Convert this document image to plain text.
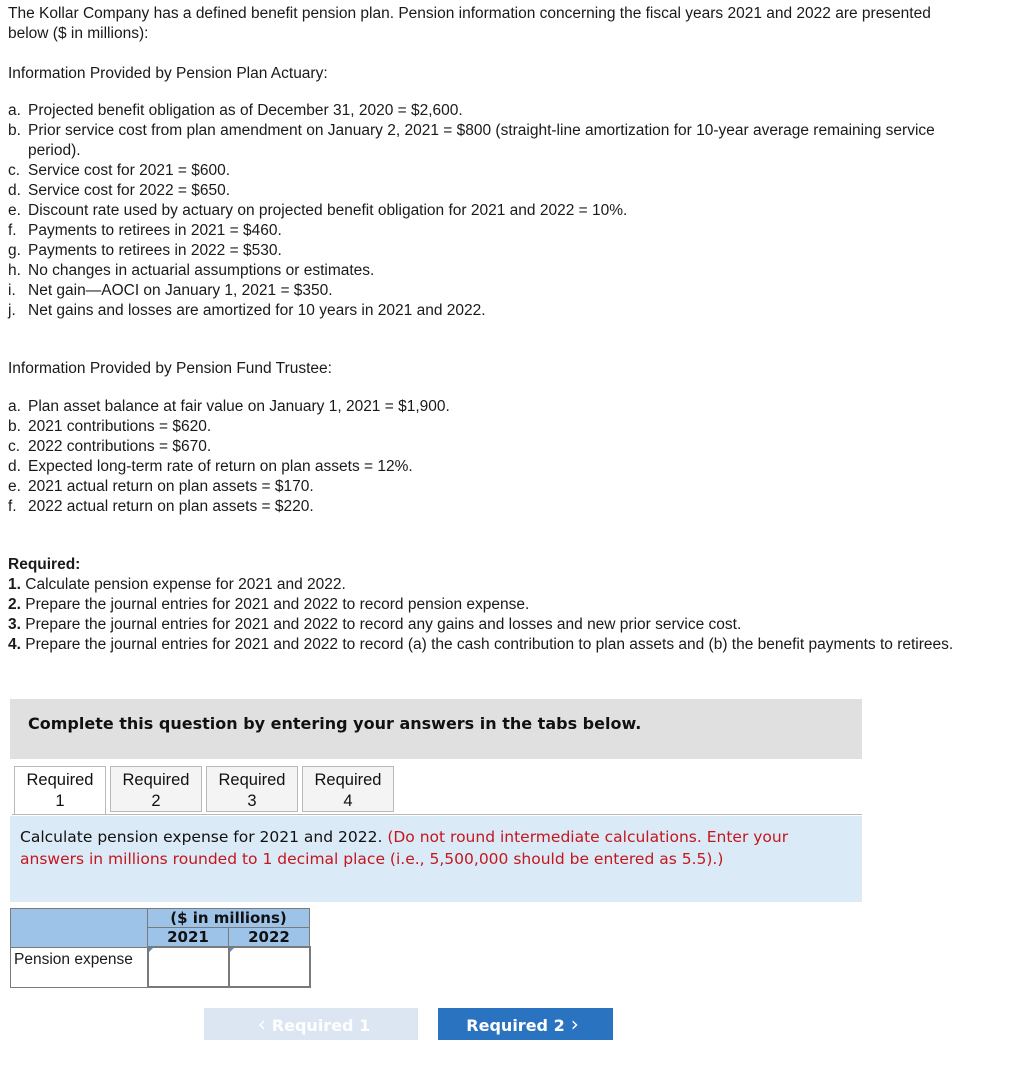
The Kollar Company has a defined benefit pension plan. Pension information concerning the fiscal years 2021 and 2022 are presented below ($ in millions):

Information Provided by Pension Plan Actuary:

a. Projected benefit obligation as of December 31, 2020 = $2,600.
b. Prior service cost from plan amendment on January 2, 2021 = $800 (straight-line amortization for 10-year average remaining service period).
c. Service cost for 2021 = $600.
d. Service cost for 2022 = $650.
e. Discount rate used by actuary on projected benefit obligation for 2021 and 2022 = 10%.
f. Payments to retirees in 2021 = $460.
g. Payments to retirees in 2022 = $530.
h. No changes in actuarial assumptions or estimates.
i. Net gain—AOCI on January 1, 2021 = $350.
j. Net gains and losses are amortized for 10 years in 2021 and 2022.

Information Provided by Pension Fund Trustee:

a. Plan asset balance at fair value on January 1, 2021 = $1,900.
b. 2021 contributions = $620.
c. 2022 contributions = $670.
d. Expected long-term rate of return on plan assets = 12%.
e. 2021 actual return on plan assets = $170.
f. 2022 actual return on plan assets = $220.
Required:
1. Calculate pension expense for 2021 and 2022.
2. Prepare the journal entries for 2021 and 2022 to record pension expense.
3. Prepare the journal entries for 2021 and 2022 to record any gains and losses and new prior service cost.
4. Prepare the journal entries for 2021 and 2022 to record (a) the cash contribution to plan assets and (b) the benefit payments to retirees.
Complete this question by entering your answers in the tabs below.
Required
1
Required
2
Required
3
Required
4
Calculate pension expense for 2021 and 2022. (Do not round intermediate calculations. Enter your answers in millions rounded to 1 decimal place (i.e., 5,500,000 should be entered as 5.5).)
	($ in millions)	
	2021	2022
Pension expense	

‹ Required 1	Required 2 ›
